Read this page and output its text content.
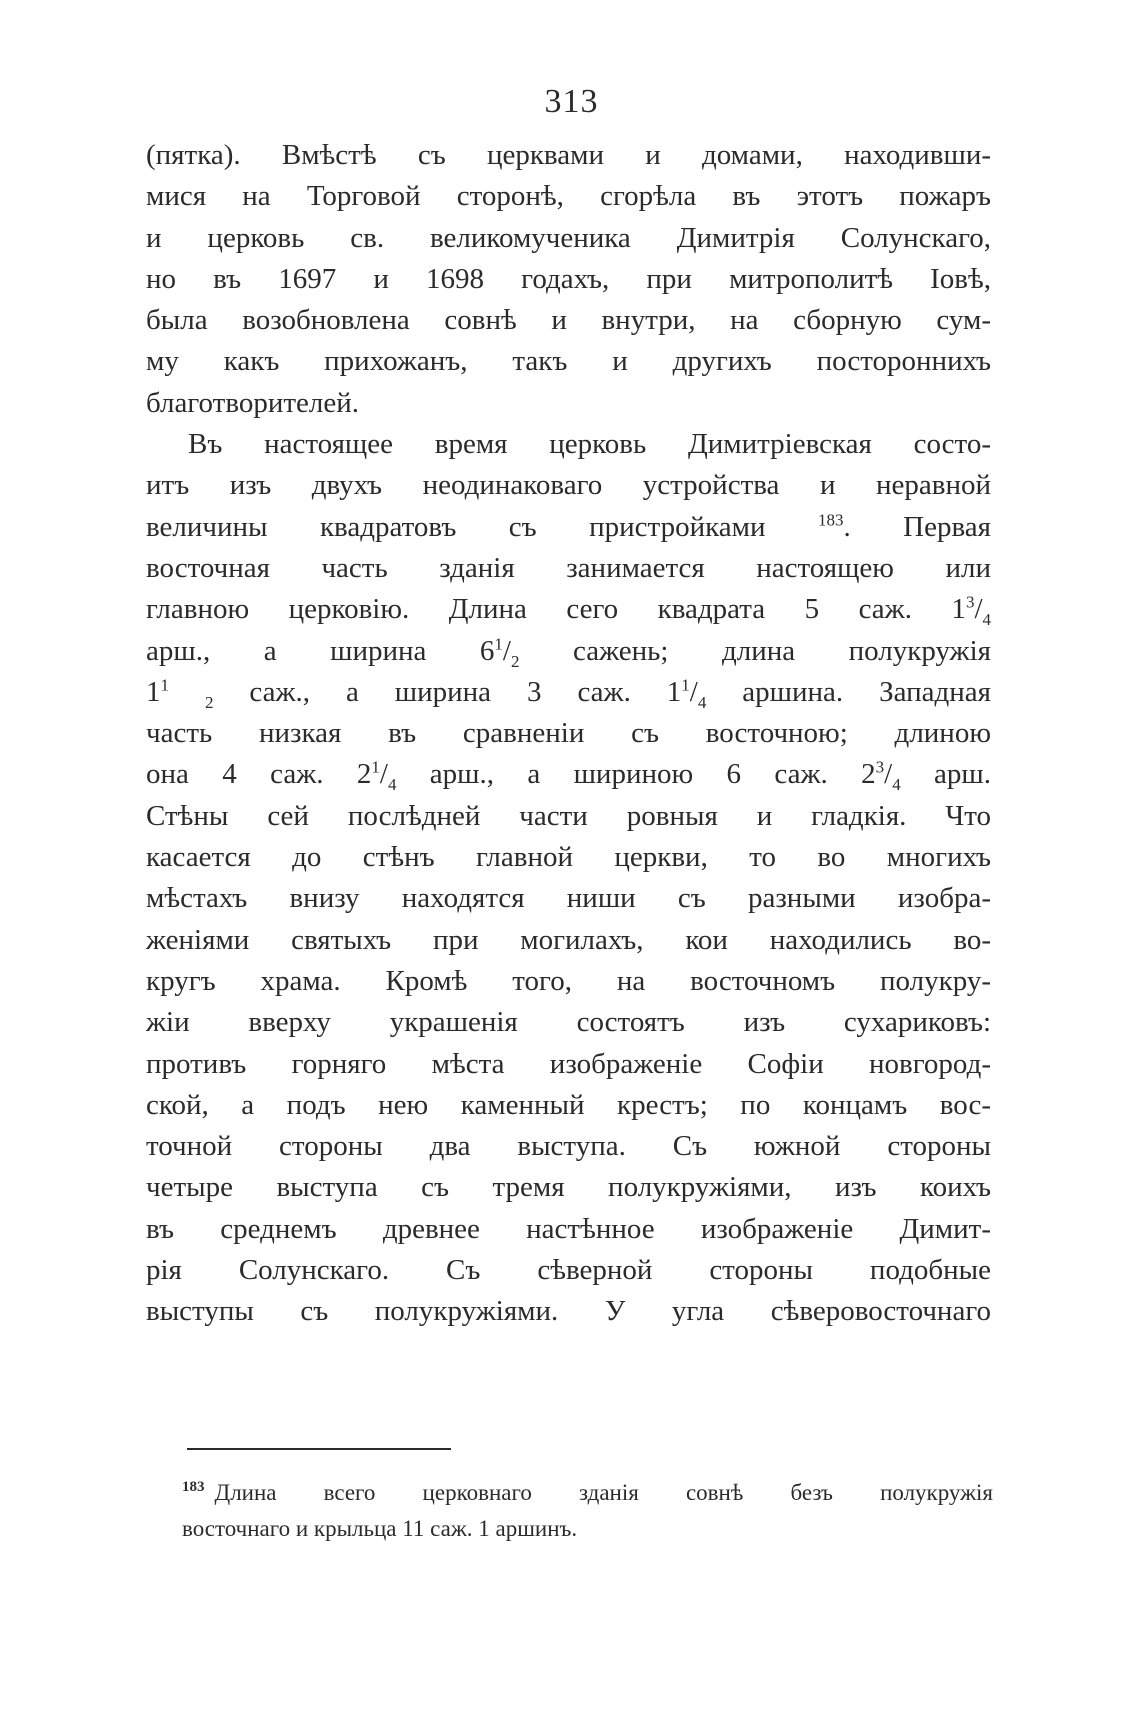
313
(пятка). Вмѣстѣ съ церквами и домами, находивши-
мися на Торговой сторонѣ, сгорѣла въ этотъ пожаръ
и церковь св. великомученика Димитрія Солунскаго,
но въ 1697 и 1698 годахъ, при митрополитѣ Іовѣ,
была возобновлена совнѣ и внутри, на сборную сум-
му какъ прихожанъ, такъ и другихъ постороннихъ
благотворителей.
Въ настоящее время церковь Димитріевская состо-
итъ изъ двухъ неодинаковаго устройства и неравной
величины квадратовъ съ пристройками	$^{183}$. Первая
восточная часть зданія занимается настоящею или
главною церковію. Длина сего квадрата 5 саж. $1^3/_4$
арш., а ширина $6^1/_2$ сажень; длина полукружія
$1^1$ $_2$ саж., а ширина 3 саж. $1^1/_4$ аршина. Западная
часть низкая въ сравненіи съ восточною; длиною
она 4 саж. $2^1/_4$ арш., а шириною 6 саж. $2^3/_4$ арш.
Стѣны сей послѣдней части ровныя и гладкія. Что
касается до стѣнъ главной церкви, то во многихъ
мѣстахъ внизу находятся ниши съ разными изобра-
женіями святыхъ при могилахъ, кои находились во-
кругъ храма. Кромѣ того, на восточномъ полукру-
жіи вверху украшенія состоятъ изъ сухариковъ:
противъ горняго мѣста изображеніе Софіи новгород-
ской, а подъ нею каменный крестъ; по концамъ вос-
точной стороны два выступа. Съ южной стороны
четыре выступа съ тремя полукружіями, изъ коихъ
въ среднемъ древнее настѣнное изображеніе Димит-
рія Солунскаго. Съ сѣверной стороны подобные
выступы съ полукружіями. У угла сѣверовосточнаго
$^{183}$ Длина всего церковнаго зданія совнѣ безъ полукружія
восточнаго и крыльца 11 саж. 1 аршинъ.
